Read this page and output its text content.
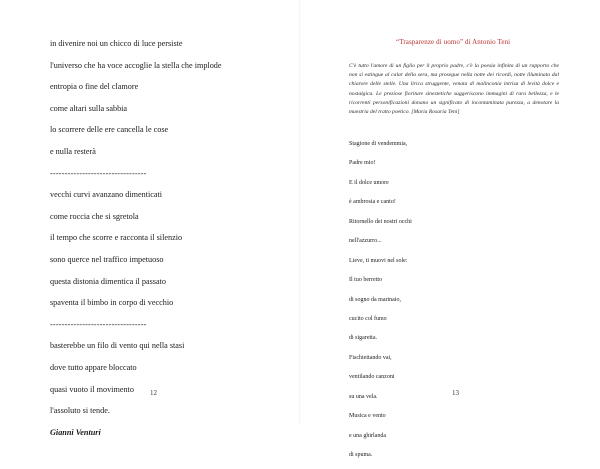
in divenire noi un chicco di luce persiste
l'universo che ha voce accoglie la stella che implode
entropia o fine del clamore
come altari sulla sabbia
lo scorrere delle ere cancella le cose
e nulla resterà
---------------------------------
vecchi curvi avanzano dimenticati
come roccia che si sgretola
il tempo che scorre e racconta il silenzio
sono querce nel traffico impetuoso
questa distonia dimentica il passato
spaventa il bimbo in corpo di vecchio
---------------------------------
basterebbe un filo di vento qui nella stasi
dove tutto appare bloccato
quasi vuoto il movimento
l'assoluto si tende.
Gianni Venturi
12
“Trasparenze di uomo” di Antonio Teni
C'è tutto l'amore di un figlio per il proprio padre, c'è la poesia infinita di un rapporto che non si estingue al calar della sera, ma prosegue nella notte dei ricordi, notte illuminata dal chiarore delle stelle. Una lirica struggente, venata di malinconia intrisa di levità dolce e nostalgica. Le preziose fioriture sinestetiche suggeriscono immagini di rara bellezza, e le ricorrenti personificazioni donano un significato di incontaminata purezza, a denotare la maestria del tratto poetico. [Maria Rosaria Teni]
Stagione di vendemmia,
Padre mio!
E il dolce umore
è ambrosia e canto!
Ritornello dei nostri occhi
nell'azzurro...
Lieve, ti muovi nel sole:
Il tuo berretto
di sogno da marinaio,
cucito col fumo
di sigaretta.
Fischiettando vai,
ventilando canzoni
su una vela.
Musica e vento
e una ghirlanda
di spuma.
13
